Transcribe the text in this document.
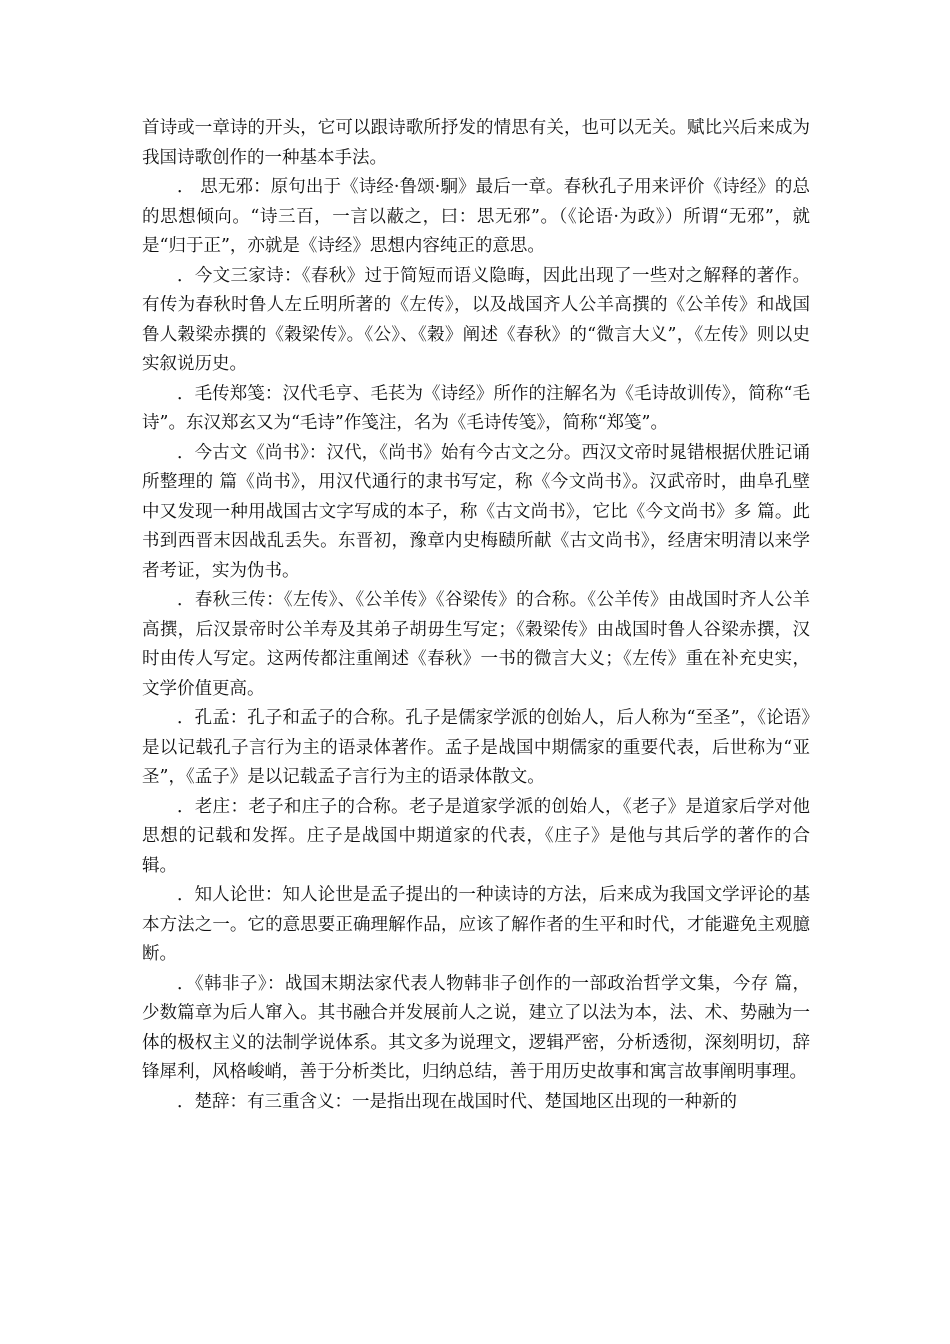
首诗或一章诗的开头，它可以跟诗歌所抒发的情思有关，也可以无关。赋比兴后来成为我国诗歌创作的一种基本手法。

． 思无邪：原句出于《诗经·鲁颂·駉》最后一章。春秋孔子用来评价《诗经》的总的思想倾向。“诗三百，一言以蔽之，曰：思无邪”。（《论语·为政》）所谓“无邪”，就是“归于正”，亦就是《诗经》思想内容纯正的意思。

．今文三家诗：《春秋》过于简短而语义隐晦，因此出现了一些对之解释的著作。有传为春秋时鲁人左丘明所著的《左传》，以及战国齐人公羊高撰的《公羊传》和战国鲁人穀梁赤撰的《穀梁传》。《公》、《穀》阐述《春秋》的“微言大义”，《左传》则以史实叙说历史。

．毛传郑笺：汉代毛亨、毛苌为《诗经》所作的注解名为《毛诗故训传》，简称“毛诗”。东汉郑玄又为“毛诗”作笺注，名为《毛诗传笺》，简称“郑笺”。

．今古文《尚书》：汉代，《尚书》始有今古文之分。西汉文帝时晁错根据伏胜记诵所整理的 篇《尚书》，用汉代通行的隶书写定，称《今文尚书》。汉武帝时，曲阜孔壁中又发现一种用战国古文字写成的本子，称《古文尚书》，它比《今文尚书》多 篇。此书到西晋末因战乱丢失。东晋初，豫章内史梅赜所献《古文尚书》，经唐宋明清以来学者考证，实为伪书。

．春秋三传：《左传》、《公羊传》《谷梁传》的合称。《公羊传》由战国时齐人公羊高撰，后汉景帝时公羊寿及其弟子胡毋生写定；《穀梁传》由战国时鲁人谷梁赤撰，汉时由传人写定。这两传都注重阐述《春秋》一书的微言大义；《左传》重在补充史实，文学价值更高。

．孔孟：孔子和孟子的合称。孔子是儒家学派的创始人，后人称为“至圣”，《论语》是以记载孔子言行为主的语录体著作。孟子是战国中期儒家的重要代表，后世称为“亚圣”，《孟子》是以记载孟子言行为主的语录体散文。

．老庄：老子和庄子的合称。老子是道家学派的创始人，《老子》是道家后学对他思想的记载和发挥。庄子是战国中期道家的代表，《庄子》是他与其后学的著作的合辑。

．知人论世：知人论世是孟子提出的一种读诗的方法，后来成为我国文学评论的基本方法之一。它的意思要正确理解作品，应该了解作者的生平和时代，才能避免主观臆断。

．《韩非子》：战国末期法家代表人物韩非子创作的一部政治哲学文集，今存 篇，少数篇章为后人窜入。其书融合并发展前人之说，建立了以法为本，法、术、势融为一体的极权主义的法制学说体系。其文多为说理文，逻辑严密，分析透彻，深刻明切，辞锋犀利，风格峻峭，善于分析类比，归纳总结，善于用历史故事和寓言故事阐明事理。

．楚辞：有三重含义：一是指出现在战国时代、楚国地区出现的一种新的
